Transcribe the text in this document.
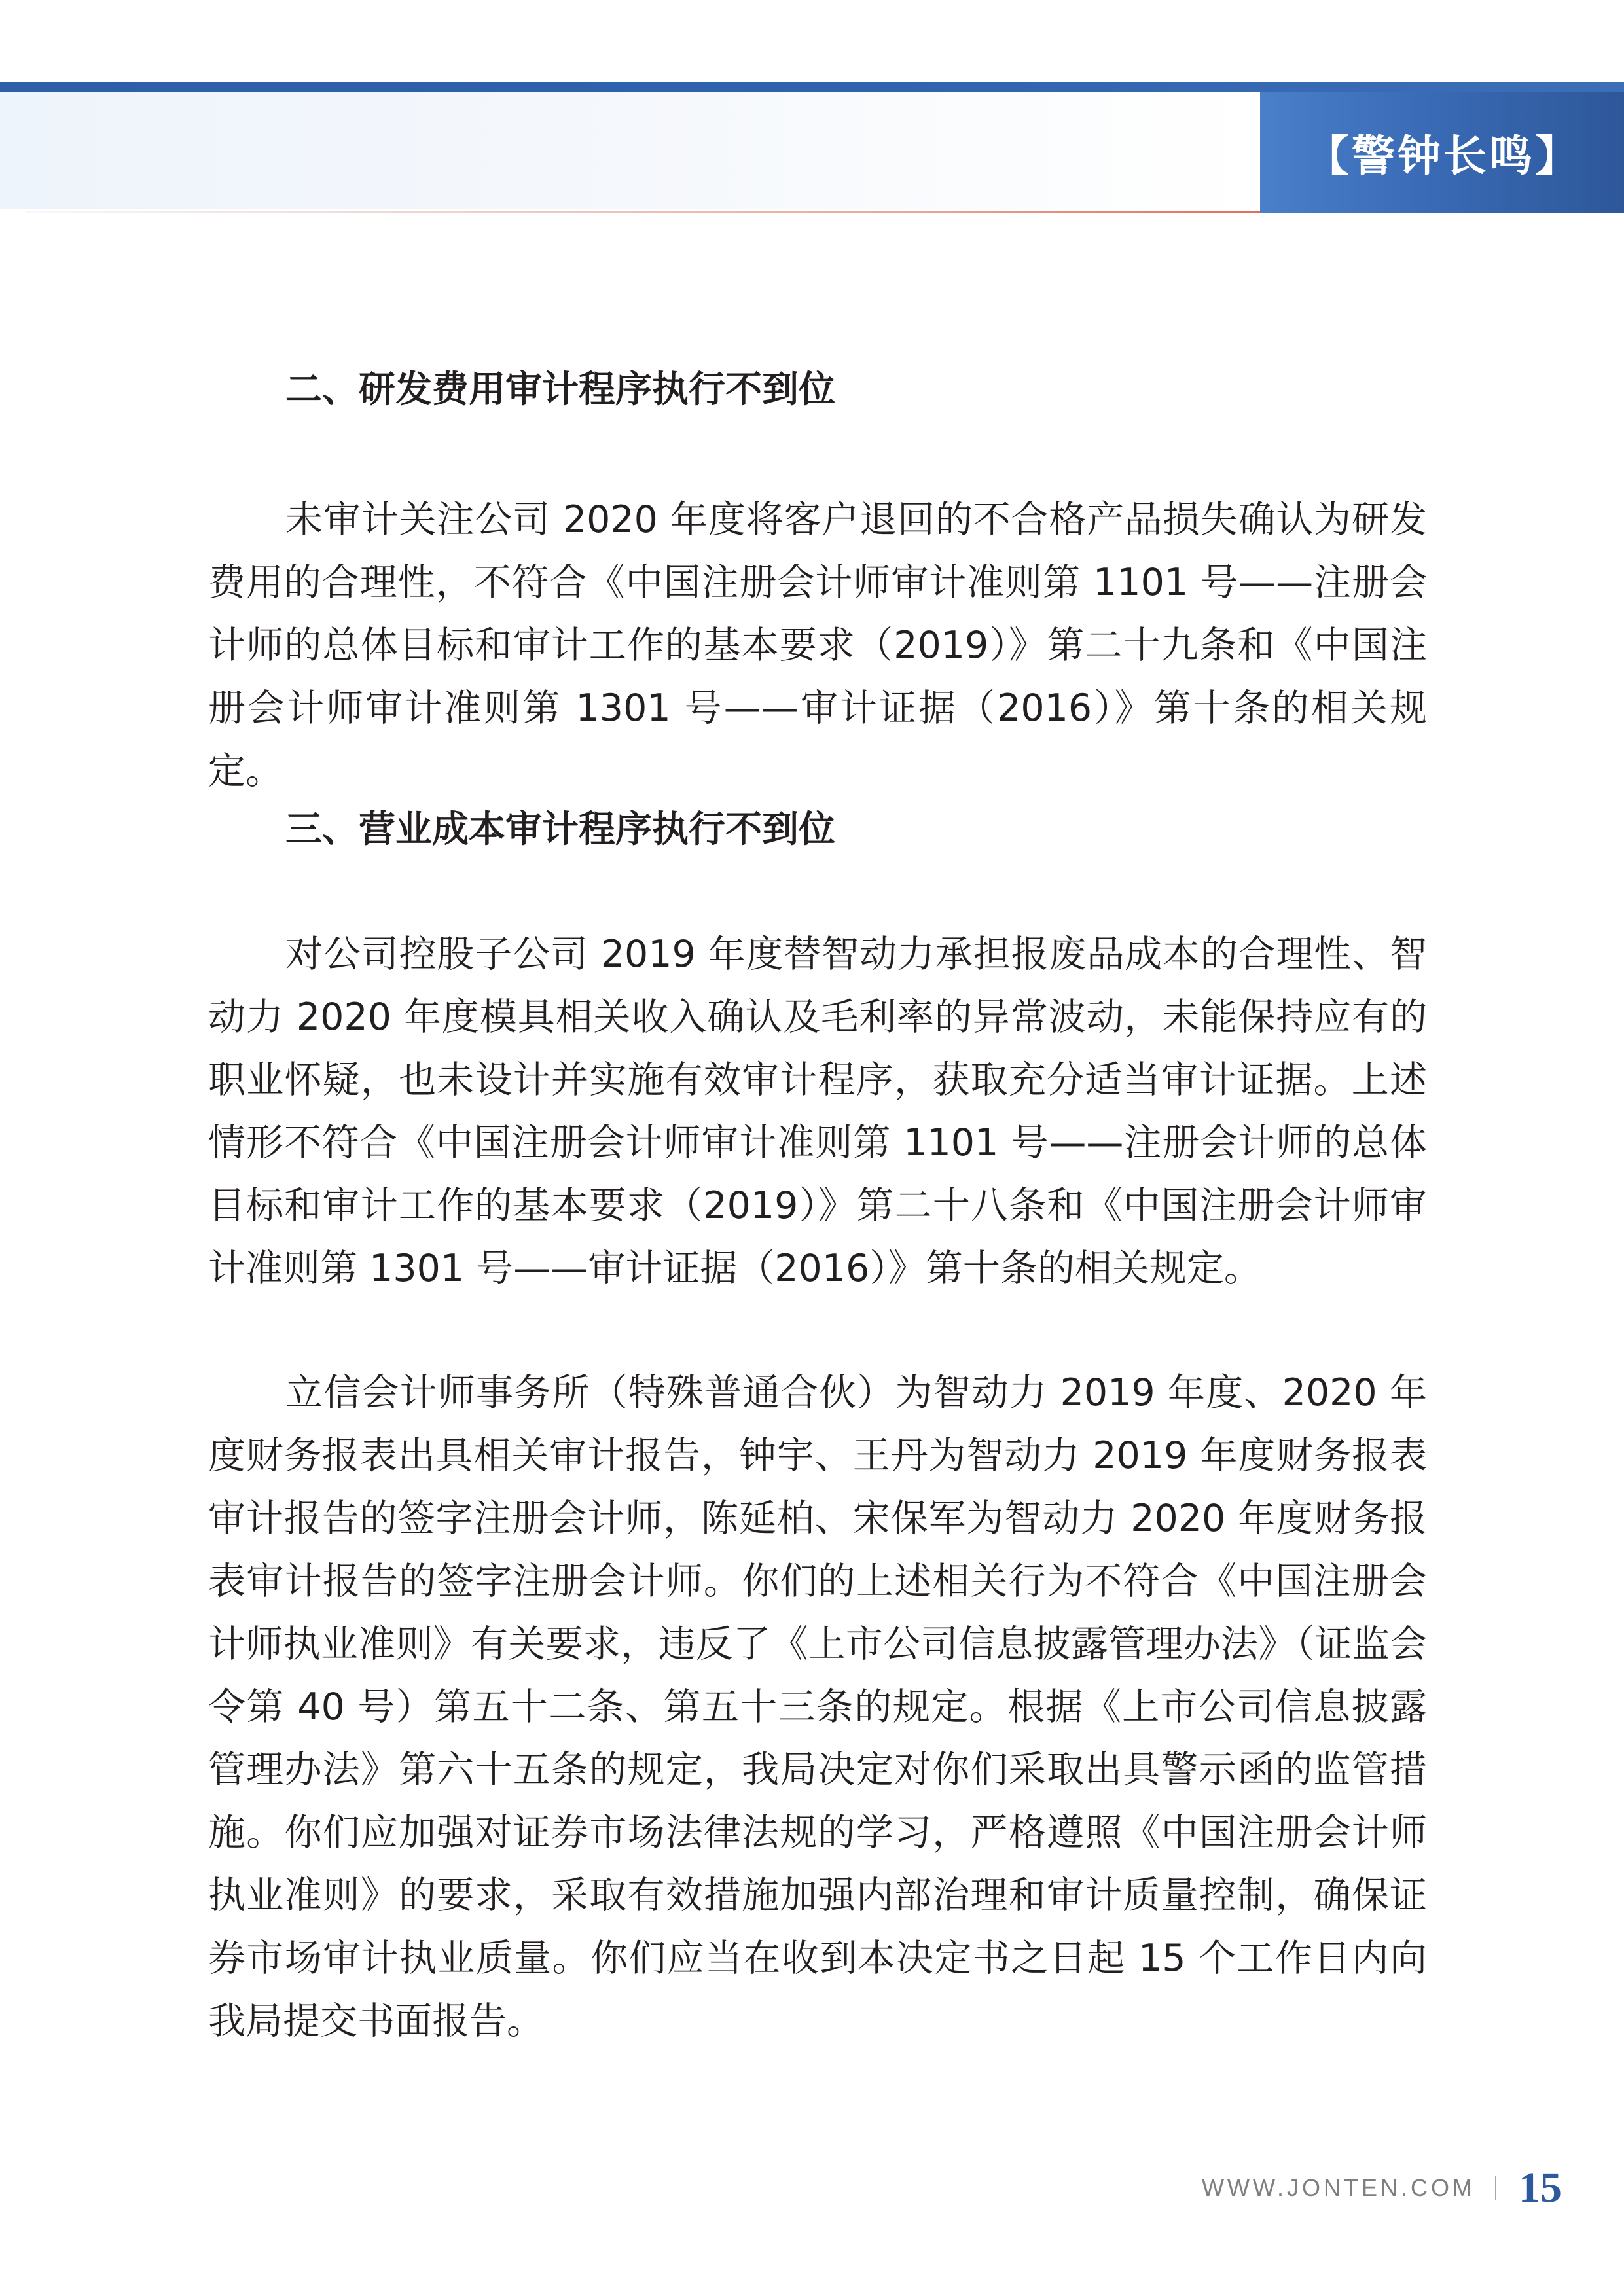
【警钟长鸣】
二、研发费用审计程序执行不到位

未审计关注公司 2020 年度将客户退回的不合格产品损失确认为研发费用的合理性，不符合《中国注册会计师审计准则第 1101 号——注册会计师的总体目标和审计工作的基本要求（2019）》第二十九条和《中国注册会计师审计准则第 1301 号——审计证据（2016）》第十条的相关规定。

三、营业成本审计程序执行不到位

对公司控股子公司 2019 年度替智动力承担报废品成本的合理性、智动力 2020 年度模具相关收入确认及毛利率的异常波动，未能保持应有的职业怀疑，也未设计并实施有效审计程序，获取充分适当审计证据。上述情形不符合《中国注册会计师审计准则第 1101 号——注册会计师的总体目标和审计工作的基本要求（2019）》第二十八条和《中国注册会计师审计准则第 1301 号——审计证据（2016）》第十条的相关规定。

立信会计师事务所（特殊普通合伙）为智动力 2019 年度、2020 年度财务报表出具相关审计报告，钟宇、王丹为智动力 2019 年度财务报表审计报告的签字注册会计师，陈延柏、宋保军为智动力 2020 年度财务报表审计报告的签字注册会计师。你们的上述相关行为不符合《中国注册会计师执业准则》有关要求，违反了《上市公司信息披露管理办法》（证监会令第 40 号）第五十二条、第五十三条的规定。根据《上市公司信息披露管理办法》第六十五条的规定，我局决定对你们采取出具警示函的监管措施。你们应加强对证券市场法律法规的学习，严格遵照《中国注册会计师执业准则》的要求，采取有效措施加强内部治理和审计质量控制，确保证券市场审计执业质量。你们应当在收到本决定书之日起 15 个工作日内向我局提交书面报告。

WWW.JONTEN.COM 15
